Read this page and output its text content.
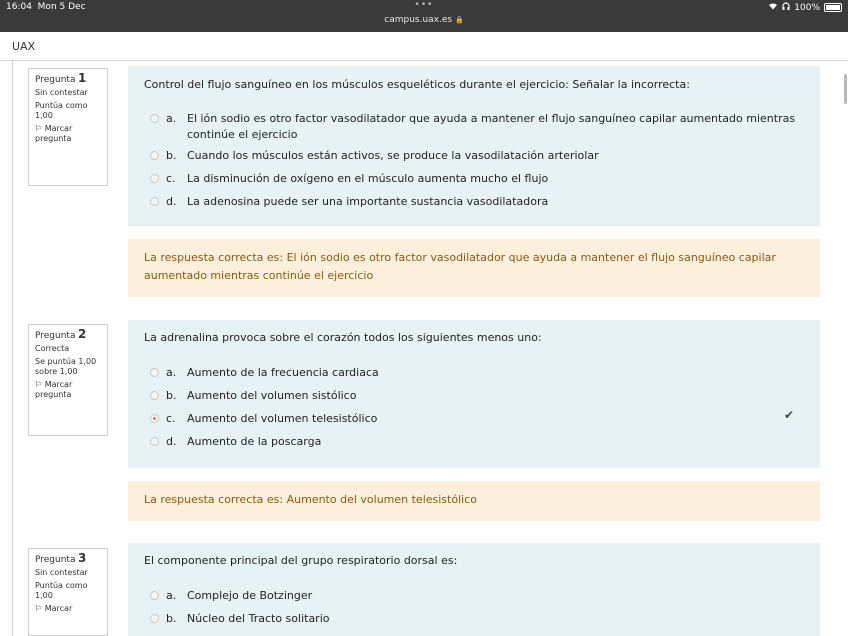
16:04 Mon 5 Dec	•••
campus.uax.es 🔒
100%
UAX
Pregunta 1
Sin contestar
Puntúa como 1,00
⚐ Marcar pregunta
Control del flujo sanguíneo en los músculos esqueléticos durante el ejercicio: Señalar la incorrecta:
a. El ión sodio es otro factor vasodilatador que ayuda a mantener el flujo sanguíneo capilar aumentado mientras continúe el ejercicio
b. Cuando los músculos están activos, se produce la vasodilatación arteriolar
c. La disminución de oxígeno en el músculo aumenta mucho el flujo
d. La adenosina puede ser una importante sustancia vasodilatadora
La respuesta correcta es: El ión sodio es otro factor vasodilatador que ayuda a mantener el flujo sanguíneo capilar aumentado mientras continúe el ejercicio
Pregunta 2
Correcta
Se puntúa 1,00 sobre 1,00
⚐ Marcar pregunta
La adrenalina provoca sobre el corazón todos los siguientes menos uno:
a. Aumento de la frecuencia cardiaca
b. Aumento del volumen sistólico
c. Aumento del volumen telesistólico
d. Aumento de la poscarga
✔
La respuesta correcta es: Aumento del volumen telesistólico
Pregunta 3
Sin contestar
Puntúa como 1,00
⚐ Marcar
El componente principal del grupo respiratorio dorsal es:
a. Complejo de Botzinger
b. Núcleo del Tracto solitario
